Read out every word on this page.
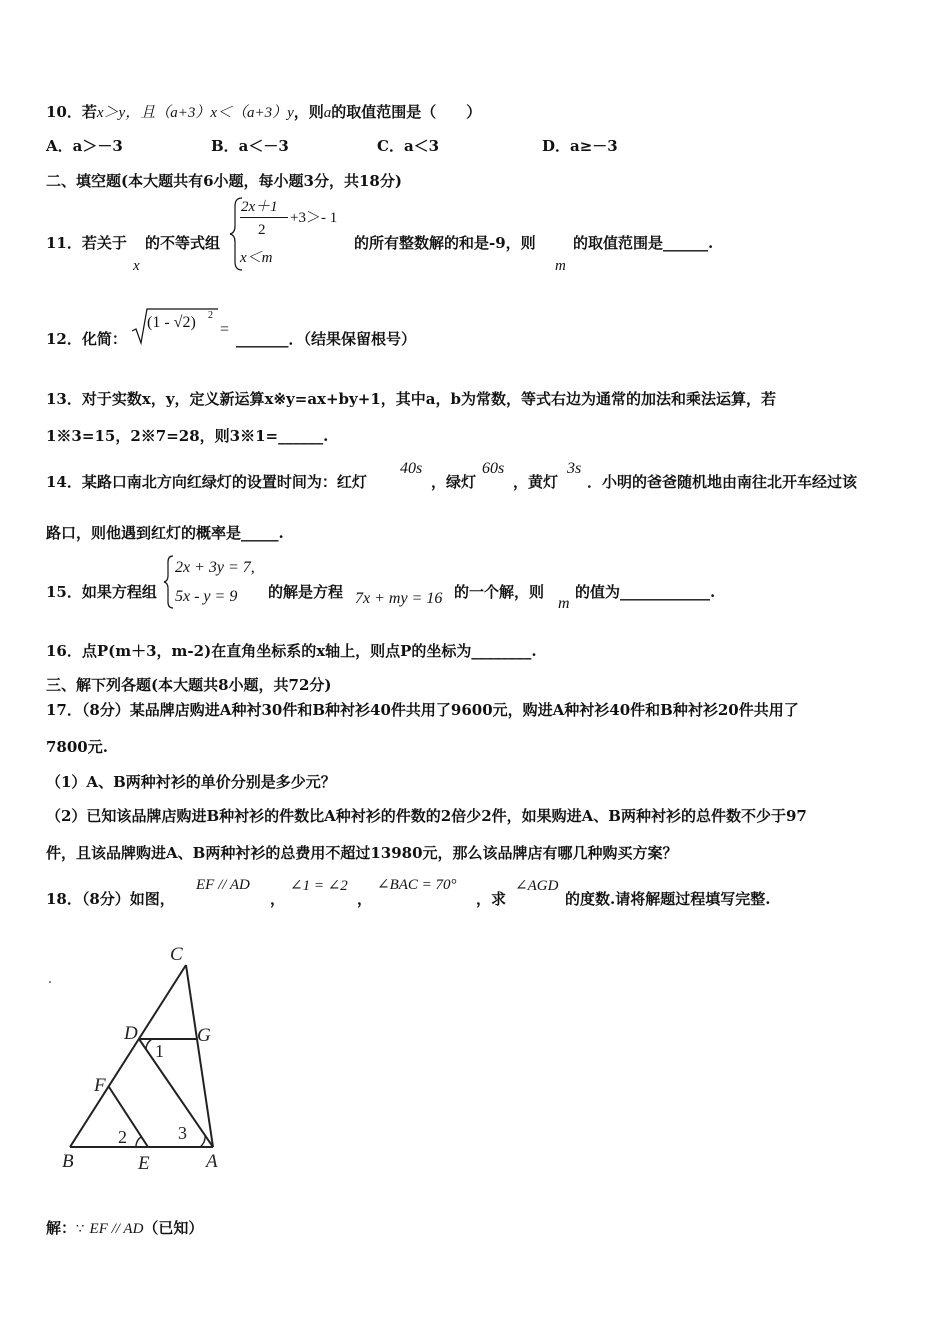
10．若x＞y，且（a+3）x＜（a+3）y，则a的取值范围是（　　）
A．a＞－3	B．a＜－3	C．a＜3	D．a≥－3
二、填空题(本大题共有6小题，每小题3分，共18分)
11．若关于
x
的不等式组
2x＋1
2
+3＞- 1
x＜m
的所有整数解的和是-9，则
m
的取值范围是______.
12．化简：
(1 - √2) 2
=
_______．（结果保留根号）
13．对于实数x，y，定义新运算x※y=ax+by+1，其中a，b为常数，等式右边为通常的加法和乘法运算，若
1※3=15，2※7=28，则3※1=______.
14．某路口南北方向红绿灯的设置时间为：红灯
40s
，绿灯
60s
，黄灯
3s
．小明的爸爸随机地由南往北开车经过该
路口，则他遇到红灯的概率是_____.
15．如果方程组
2x + 3y = 7,
5x - y = 9 的解是方程 7x + my = 16 的一个解，则
m
的值为____________.
16．点P(m＋3，m-2)在直角坐标系的x轴上，则点P的坐标为________.
三、解下列各题(本大题共8小题，共72分)
17．（8分）某品牌店购进A种衬30件和B种衬衫40件共用了9600元，购进A种衬衫40件和B种衬衫20件共用了
7800元.
（1）A、B两种衬衫的单价分别是多少元？
（2）已知该品牌店购进B种衬衫的件数比A种衬衫的件数的2倍少2件，如果购进A、B两种衬衫的总件数不少于97
件，且该品牌购进A、B两种衬衫的总费用不超过13980元，那么该品牌店有哪几种购买方案？
18．（8分）如图，
EF // AD
，
∠1 = ∠2
，
∠BAC = 70°
，求
∠AGD
的度数.请将解题过程填写完整.
C
D	G
F
B	E	A
1
2	3
解：∵ EF // AD（已知）
